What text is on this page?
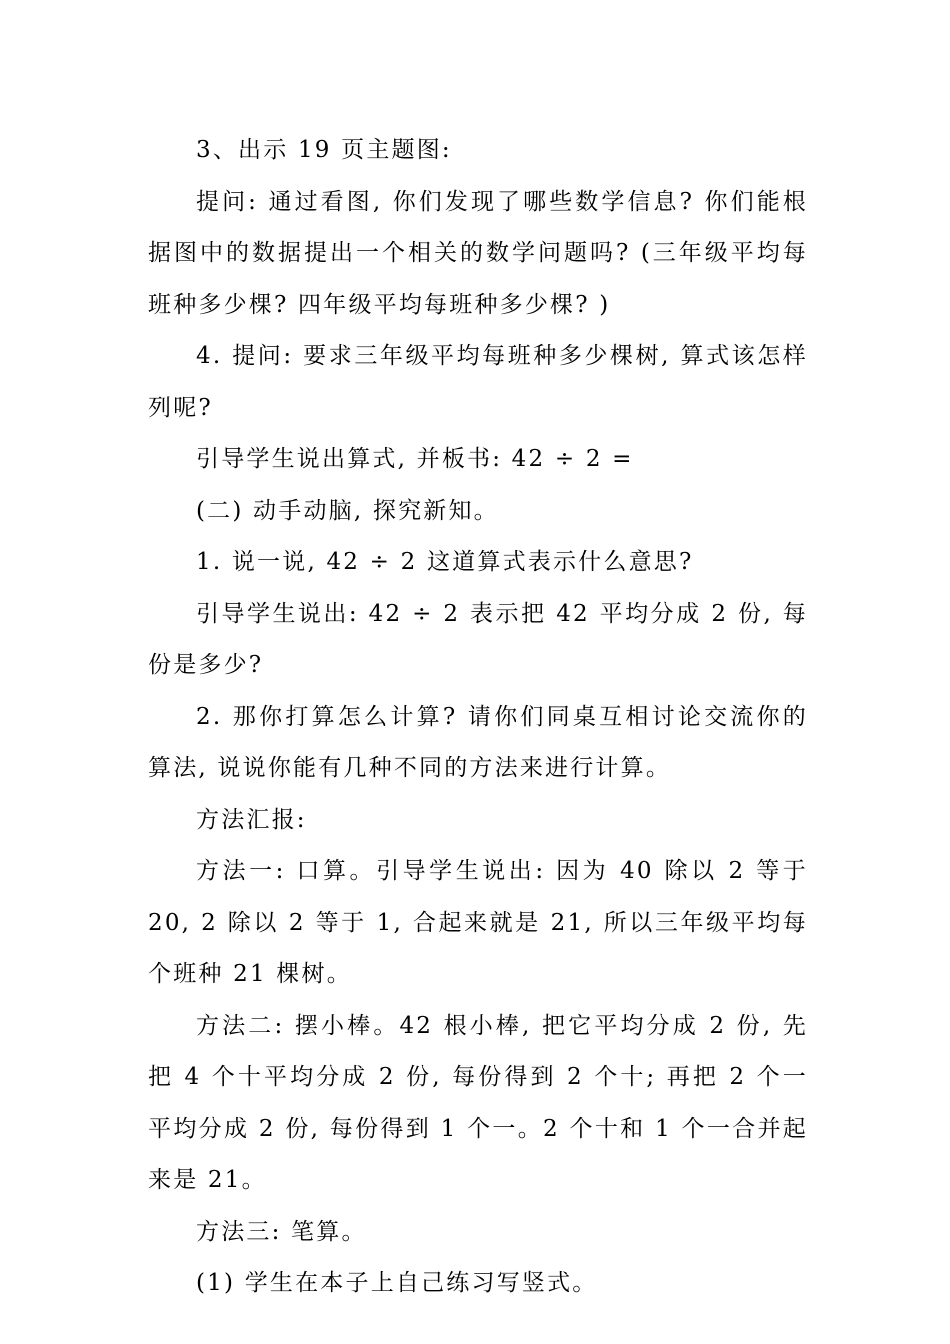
3、出示 19 页主题图:

提问: 通过看图, 你们发现了哪些数学信息? 你们能根据图中的数据提出一个相关的数学问题吗? (三年级平均每班种多少棵? 四年级平均每班种多少棵? )

4. 提问: 要求三年级平均每班种多少棵树, 算式该怎样列呢?

引导学生说出算式, 并板书: 42 ÷ 2 =

(二) 动手动脑, 探究新知。

1. 说一说, 42 ÷ 2 这道算式表示什么意思?

引导学生说出: 42 ÷ 2 表示把 42 平均分成 2 份, 每份是多少?

2. 那你打算怎么计算? 请你们同桌互相讨论交流你的算法, 说说你能有几种不同的方法来进行计算。

方法汇报:

方法一: 口算。引导学生说出: 因为 40 除以 2 等于 20, 2 除以 2 等于 1, 合起来就是 21, 所以三年级平均每个班种 21 棵树。

方法二: 摆小棒。42 根小棒, 把它平均分成 2 份, 先把 4 个十平均分成 2 份, 每份得到 2 个十; 再把 2 个一平均分成 2 份, 每份得到 1 个一。2 个十和 1 个一合并起来是 21。

方法三: 笔算。

(1) 学生在本子上自己练习写竖式。
